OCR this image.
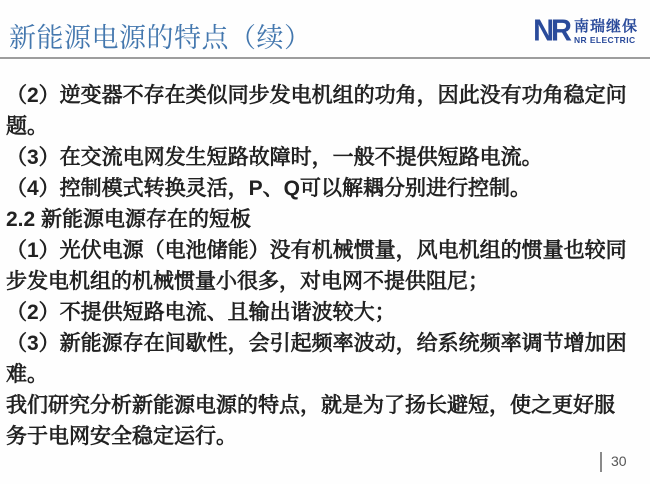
新能源电源的特点（续）	NR 南瑞继保
NR ELECTRIC
（2）逆变器不存在类似同步发电机组的功角，因此没有功角稳定问
题。
（3）在交流电网发生短路故障时，一般不提供短路电流。
（4）控制模式转换灵活，P、Q可以解耦分别进行控制。
2.2 新能源电源存在的短板
（1）光伏电源（电池储能）没有机械惯量，风电机组的惯量也较同
步发电机组的机械惯量小很多，对电网不提供阻尼；
（2）不提供短路电流、且输出谐波较大；
（3）新能源存在间歇性，会引起频率波动，给系统频率调节增加困
难。
我们研究分析新能源电源的特点，就是为了扬长避短，使之更好服
务于电网安全稳定运行。
30
